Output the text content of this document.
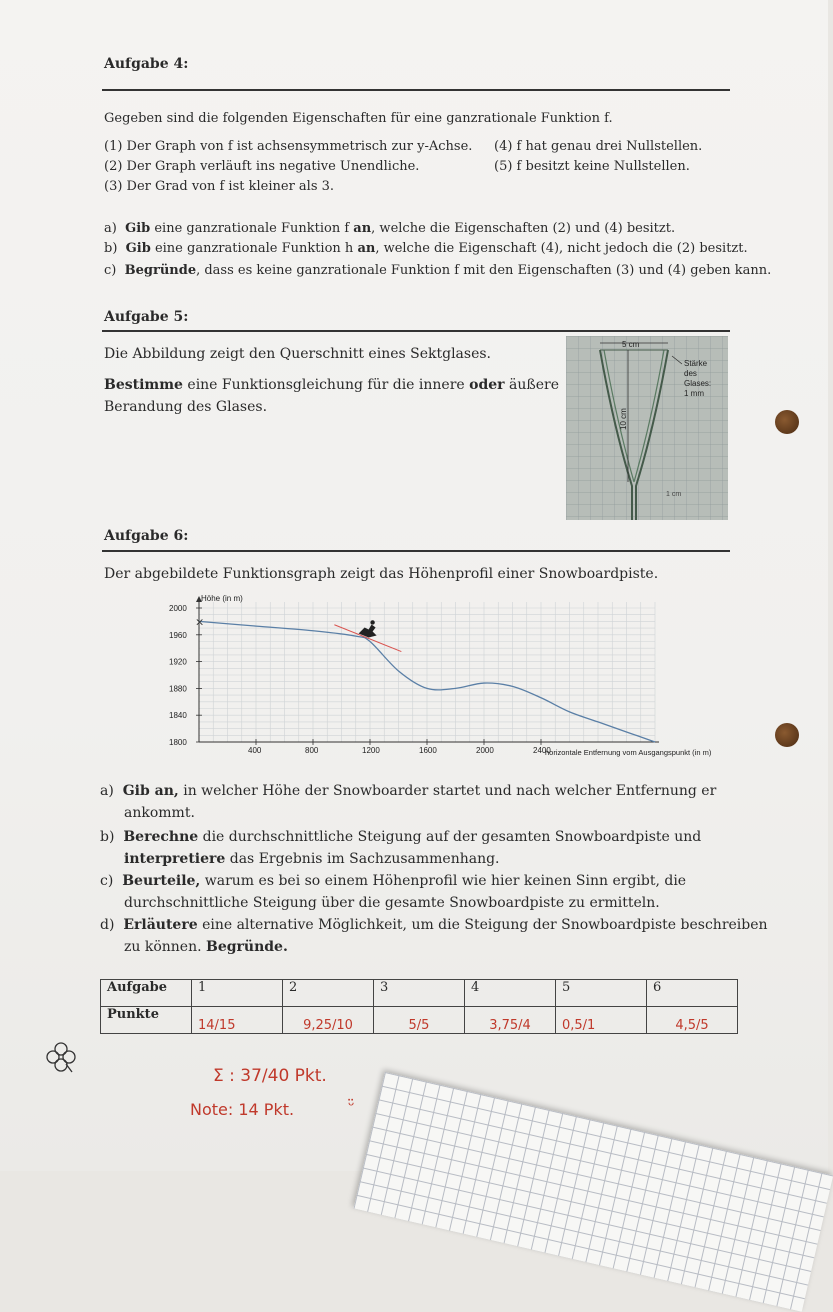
Aufgabe 4:
Gegeben sind die folgenden Eigenschaften für eine ganzrationale Funktion f.
(1) Der Graph von f ist achsensymmetrisch zur y-Achse.
(2) Der Graph verläuft ins negative Unendliche.
(3) Der Grad von f ist kleiner als 3.
(4) f hat genau drei Nullstellen.
(5) f besitzt keine Nullstellen.
a) Gib eine ganzrationale Funktion f an, welche die Eigenschaften (2) und (4) besitzt.
b) Gib eine ganzrationale Funktion h an, welche die Eigenschaft (4), nicht jedoch die (2) besitzt.
c) Begründe, dass es keine ganzrationale Funktion f mit den Eigenschaften (3) und (4) geben kann.
Aufgabe 5:
Die Abbildung zeigt den Querschnitt eines Sektglases.
Bestimme eine Funktionsgleichung für die innere oder äußere
Berandung des Glases.
5 cm
10 cm
1 cm
Stärke
des
Glases:
1 mm
Aufgabe 6:
Der abgebildete Funktionsgraph zeigt das Höhenprofil einer Snowboardpiste.
400	800	1200	1600	2000	2400
1800
1840
1880
1920
1960
2000
×
Höhe (in m)
horizontale Entfernung vom Ausgangspunkt (in m)
a) Gib an, in welcher Höhe der Snowboarder startet und nach welcher Entfernung er
ankommt.
b) Berechne die durchschnittliche Steigung auf der gesamten Snowboardpiste und
interpretiere das Ergebnis im Sachzusammenhang.
c) Beurteile, warum es bei so einem Höhenprofil wie hier keinen Sinn ergibt, die
durchschnittliche Steigung über die gesamte Snowboardpiste zu ermitteln.
d) Erläutere eine alternative Möglichkeit, um die Steigung der Snowboardpiste beschreiben
zu können. Begründe.
Aufgabe	1	2	3	4	5	6
Punkte	14/15	9,25/10	5/5	3,75/4	0,5/1	4,5/5
Σ : 37/40 Pkt.
Note: 14 Pkt.	ᵕ̈
